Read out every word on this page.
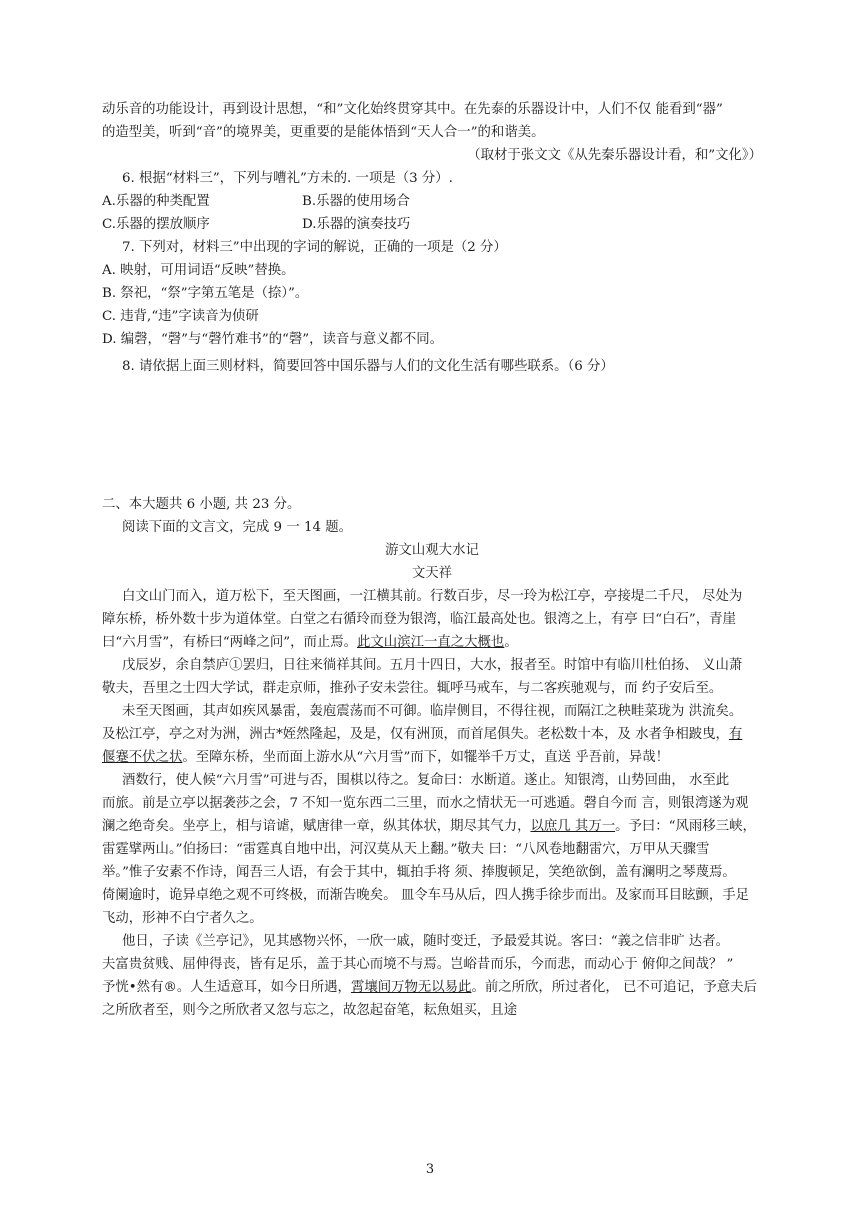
动乐音的功能设计，再到设计思想，“和”文化始终贯穿其中。在先泰的乐器设计中，人们不仅 能看到“器”
的造型美，听到“音”的境界美，更重要的是能体悟到“天人合一”的和谐美。
（取材于张文文《从先秦乐器设计看，和”文化》）
6. 根据“材料三”，下列与嘈礼”方未的. 一项是（3 分）.
A.乐器的种类配置	B.乐器的使用场合
C.乐器的摆放顺序	D.乐器的演奏技巧
7. 下列对，材料三”中出现的字词的解说，正确的一项是（2 分）
A. 映射，可用词语“反映”替换。
B. 祭祀，“祭”字第五笔是（捺）”。
C. 违背,“违”字读音为侦研
D. 编磬，“磬”与“磬竹难书”的“磬”，读音与意义都不同。
8. 请依据上面三则材料，简要回答中国乐器与人们的文化生活有哪些联系。（6 分）
二、本大题共 6 小题, 共 23 分。
阅读下面的文言文，完成 9 一 14 题。
游文山观大水记
文天祥
白文山门而入，道万松下，至天图画，一江横其前。行数百步，尽一玲为松江亭，亭接堤二千尺， 尽处为
障东桥，桥外数十步为道体堂。白堂之右循玲而登为银湾，临江最高处也。银湾之上，有亭 曰“白石”，青崖
曰“六月雪”，有桥曰“两峰之问”，而止焉。此文山滨江一直之大概也。
戊辰岁，余自禁庐①罢归，日往来徜祥其间。五月十四日，大水，报者至。时馆中有临川杜伯扬、 义山萧
敬夫，吾里之士四大学试，群走京师，推孙子安未尝往。辄呼马戒车，与二客疾驰观与，而 约子安后至。
未至天图画，其声如疾风暴雷，轰庖震荡而不可御。临岸侧目，不得往视，而隔江之秧畦菜珑为 洪流矣。
及松江亭，亭之对为洲，洲古*姪然隆起，及是，仅有洲顶，而首尾俱失。老松数十本，及 水者争相跛曳，有
偃蹇不伏之状。至障东桥，坐而面上游水从“六月雪”而下，如犤举千万丈，直送 乎吾前，异哉！
酒数行，使人候“六月雪”可进与否，围棋以待之。复命曰：水断道。遂止。知银湾，山势回曲， 水至此
而旅。前是立亭以据袭莎之会，7 不知一览东西二三里，而水之情状无一可逃遁。磬自今而 言，则银湾遂为观
澜之绝奇矣。坐亭上，相与谙谑，赋唐律一章，纵其体状，期尽其气力，以庶几 其万一。予曰：“风雨移三峡，
雷霆擘两山。”伯扬曰：“雷霆真自地中出，河汉莫从天上翻。”敬夫 曰：“八风卷地翻雷穴，万甲从天骤雪
举。”惟子安素不作诗，闻吾三人语，有会于其中，辄拍手将 须、捧腹顿足，笑绝欲倒，盖有澜明之琴蔑焉。
倚阑逾时，诡异卓绝之观不可终极，而渐告晚矣。 皿令车马从后，四人携手徐步而出。及家而耳目眩颤，手足
飞动，形神不白宁者久之。
他日，子读《兰亭记》，见其感物兴怀，一欣一戚，随时变迁，予最爱其说。客曰：“義之信非旷 达者。
夫富贵贫贱、屈伸得丧，皆有足乐，盖于其心而境不与焉。岂峪昔而乐，今而悲，而动心于 俯仰之间哉？ ”
予恍•然有®。人生适意耳，如今日所遇，霄壤间万物无以易此。前之所欣，所过者化， 已不可追记，予意夫后
之所欣者至，则今之所欣者又忽与忘之，故忽起奋笔，耘魚姐买，且途
3
